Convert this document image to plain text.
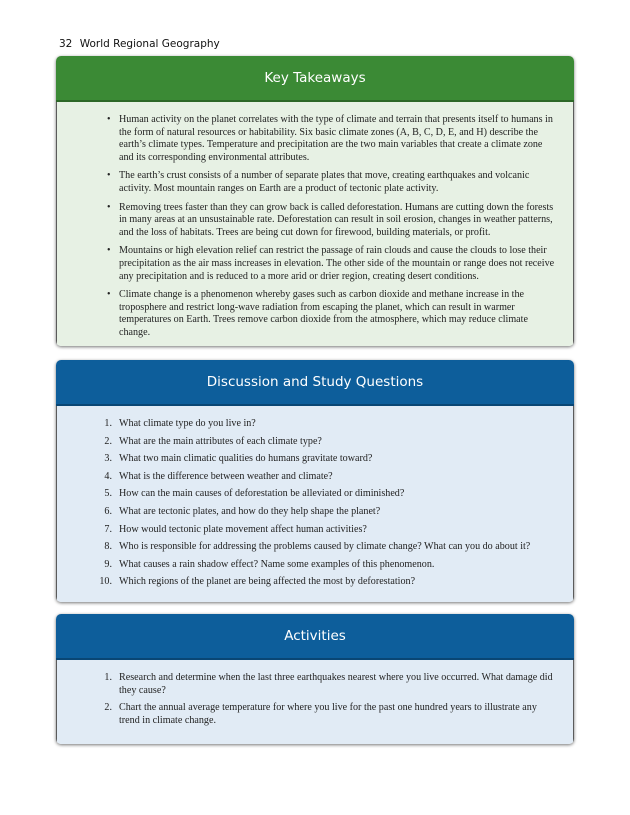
32 World Regional Geography
Key Takeaways
• Human activity on the planet correlates with the type of climate and terrain that presents itself to humans in the form of natural resources or habitability. Six basic climate zones (A, B, C, D, E, and H) describe the earth’s climate types. Temperature and precipitation are the two main variables that create a climate zone and its corresponding environmental attributes.
• The earth’s crust consists of a number of separate plates that move, creating earthquakes and volcanic activity. Most mountain ranges on Earth are a product of tectonic plate activity.
• Removing trees faster than they can grow back is called deforestation. Humans are cutting down the forests in many areas at an unsustainable rate. Deforestation can result in soil erosion, changes in weather patterns, and the loss of habitats. Trees are being cut down for firewood, building materials, or profit.
• Mountains or high elevation relief can restrict the passage of rain clouds and cause the clouds to lose their precipitation as the air mass increases in elevation. The other side of the mountain or range does not receive any precipitation and is reduced to a more arid or drier region, creating desert conditions.
• Climate change is a phenomenon whereby gases such as carbon dioxide and methane increase in the troposphere and restrict long-wave radiation from escaping the planet, which can result in warmer temperatures on Earth. Trees remove carbon dioxide from the atmosphere, which may reduce climate change.
Discussion and Study Questions
1. What climate type do you live in?
2. What are the main attributes of each climate type?
3. What two main climatic qualities do humans gravitate toward?
4. What is the difference between weather and climate?
5. How can the main causes of deforestation be alleviated or diminished?
6. What are tectonic plates, and how do they help shape the planet?
7. How would tectonic plate movement affect human activities?
8. Who is responsible for addressing the problems caused by climate change? What can you do about it?
9. What causes a rain shadow effect? Name some examples of this phenomenon.
10. Which regions of the planet are being affected the most by deforestation?
Activities
1. Research and determine when the last three earthquakes nearest where you live occurred. What damage did they cause?
2. Chart the annual average temperature for where you live for the past one hundred years to illustrate any trend in climate change.
